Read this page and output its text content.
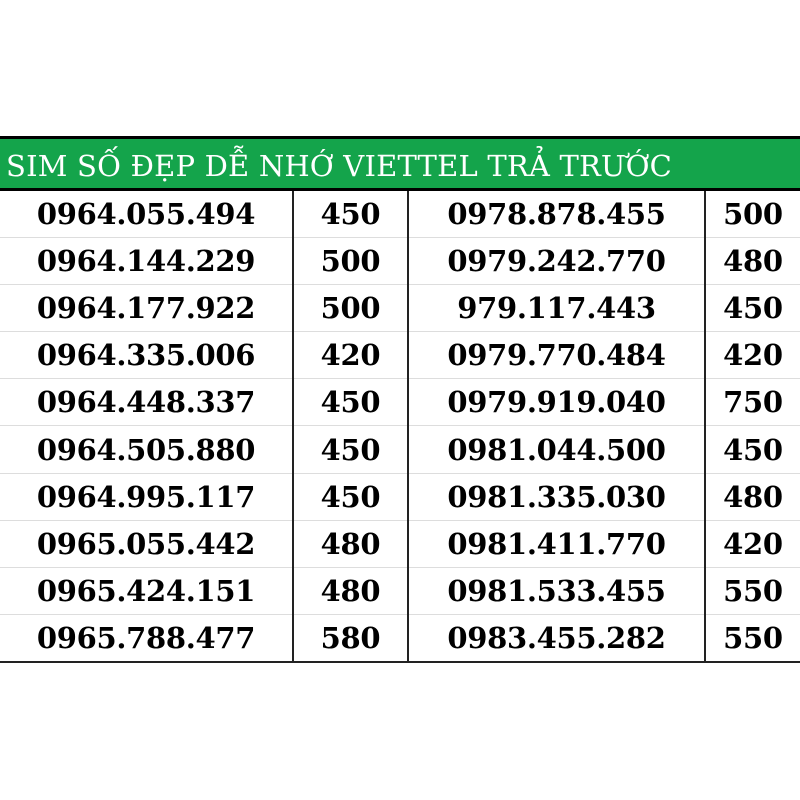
SIM SỐ ĐẸP DỄ NHỚ VIETTEL TRẢ TRƯỚC
0964.055.494	450	0978.878.455	500
0964.144.229	500	0979.242.770	480
0964.177.922	500	979.117.443	450
0964.335.006	420	0979.770.484	420
0964.448.337	450	0979.919.040	750
0964.505.880	450	0981.044.500	450
0964.995.117	450	0981.335.030	480
0965.055.442	480	0981.411.770	420
0965.424.151	480	0981.533.455	550
0965.788.477	580	0983.455.282	550
